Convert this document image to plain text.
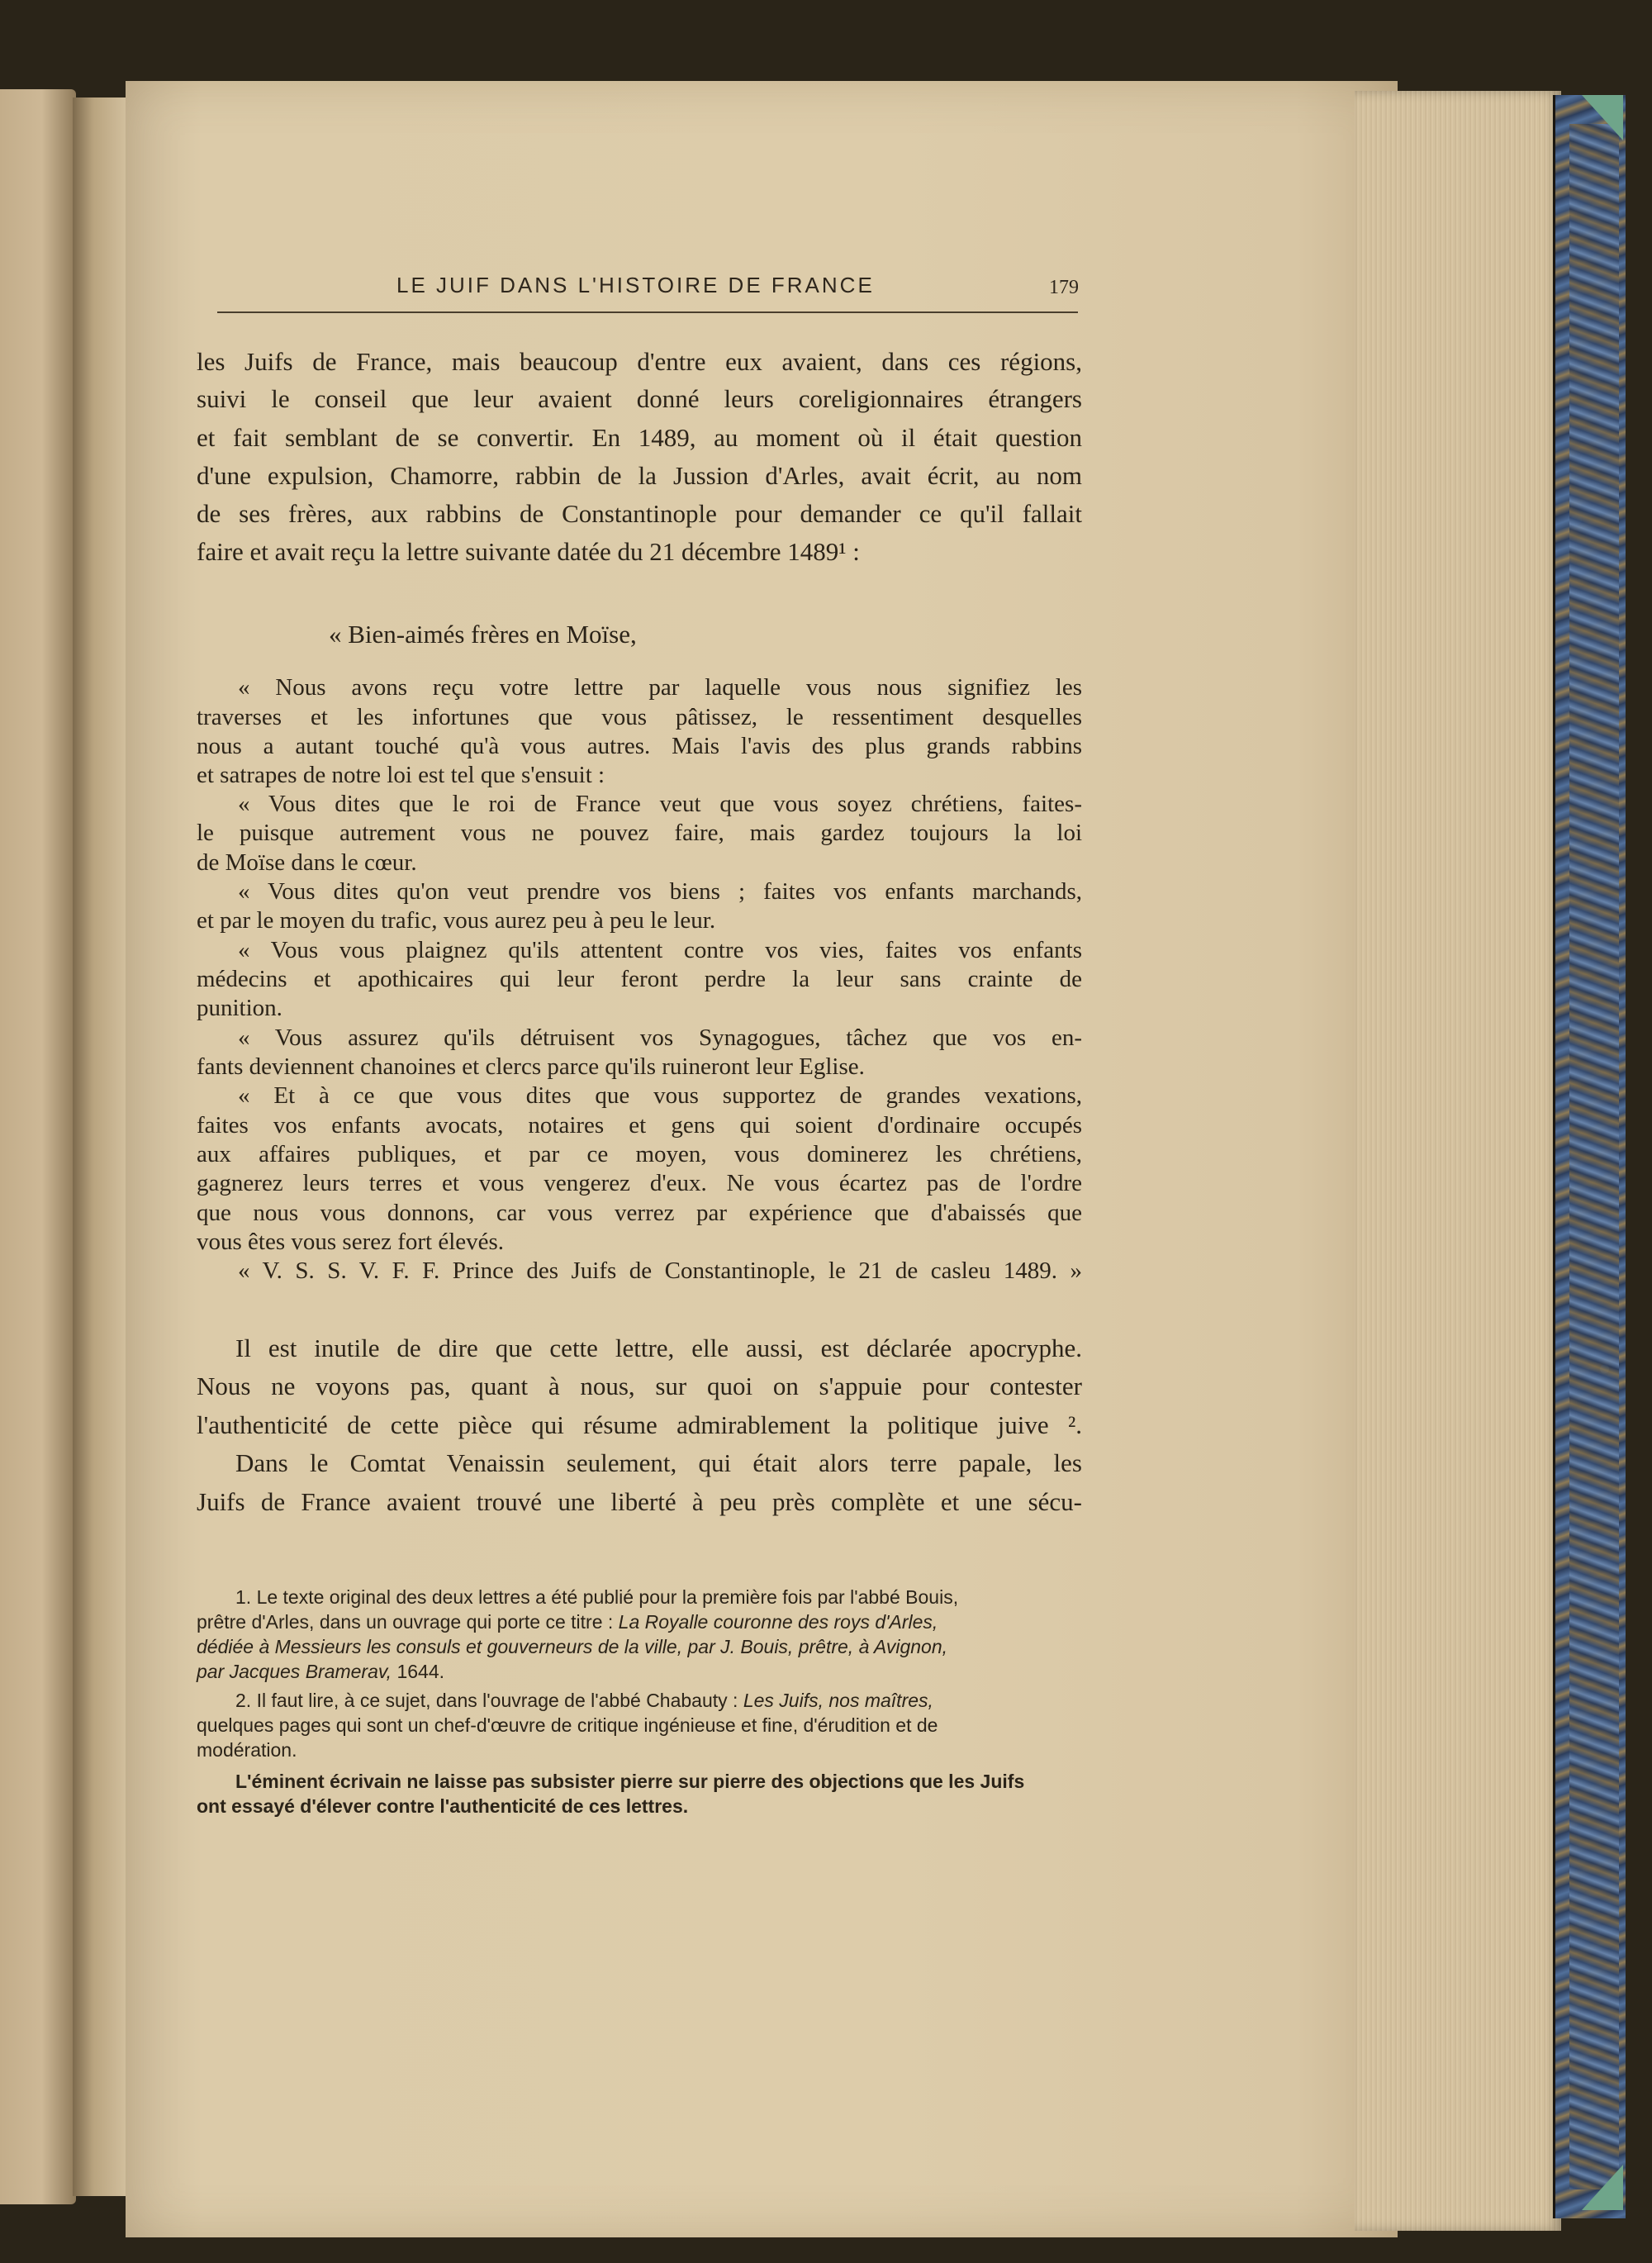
LE JUIF DANS L'HISTOIRE DE FRANCE	179
les Juifs de France, mais beaucoup d'entre eux avaient, dans ces régions,
suivi le conseil que leur avaient donné leurs coreligionnaires étrangers
et fait semblant de se convertir. En 1489, au moment où il était question
d'une expulsion, Chamorre, rabbin de la Jussion d'Arles, avait écrit, au nom
de ses frères, aux rabbins de Constantinople pour demander ce qu'il fallait
faire et avait reçu la lettre suivante datée du 21 décembre 1489¹ :
« Bien-aimés frères en Moïse,
« Nous avons reçu votre lettre par laquelle vous nous signifiez les
traverses et les infortunes que vous pâtissez, le ressentiment desquelles
nous a autant touché qu'à vous autres. Mais l'avis des plus grands rabbins
et satrapes de notre loi est tel que s'ensuit :
« Vous dites que le roi de France veut que vous soyez chrétiens, faites-
le puisque autrement vous ne pouvez faire, mais gardez toujours la loi
de Moïse dans le cœur.
« Vous dites qu'on veut prendre vos biens ; faites vos enfants marchands,
et par le moyen du trafic, vous aurez peu à peu le leur.
« Vous vous plaignez qu'ils attentent contre vos vies, faites vos enfants
médecins et apothicaires qui leur feront perdre la leur sans crainte de
punition.
« Vous assurez qu'ils détruisent vos Synagogues, tâchez que vos en-
fants deviennent chanoines et clercs parce qu'ils ruineront leur Eglise.
« Et à ce que vous dites que vous supportez de grandes vexations,
faites vos enfants avocats, notaires et gens qui soient d'ordinaire occupés
aux affaires publiques, et par ce moyen, vous dominerez les chrétiens,
gagnerez leurs terres et vous vengerez d'eux. Ne vous écartez pas de l'ordre
que nous vous donnons, car vous verrez par expérience que d'abaissés que
vous êtes vous serez fort élevés.
« V. S. S. V. F. F. Prince des Juifs de Constantinople, le 21 de casleu 1489. »
Il est inutile de dire que cette lettre, elle aussi, est déclarée apocryphe.
Nous ne voyons pas, quant à nous, sur quoi on s'appuie pour contester
l'authenticité de cette pièce qui résume admirablement la politique juive ².
Dans le Comtat Venaissin seulement, qui était alors terre papale, les
Juifs de France avaient trouvé une liberté à peu près complète et une sécu-
1. Le texte original des deux lettres a été publié pour la première fois par l'abbé Bouis,
prêtre d'Arles, dans un ouvrage qui porte ce titre : La Royalle couronne des roys d'Arles,
dédiée à Messieurs les consuls et gouverneurs de la ville, par J. Bouis, prêtre, à Avignon,
par Jacques Bramerav, 1644.
2. Il faut lire, à ce sujet, dans l'ouvrage de l'abbé Chabauty : Les Juifs, nos maîtres,
quelques pages qui sont un chef-d'œuvre de critique ingénieuse et fine, d'érudition et de
modération.
L'éminent écrivain ne laisse pas subsister pierre sur pierre des objections que les Juifs
ont essayé d'élever contre l'authenticité de ces lettres.
